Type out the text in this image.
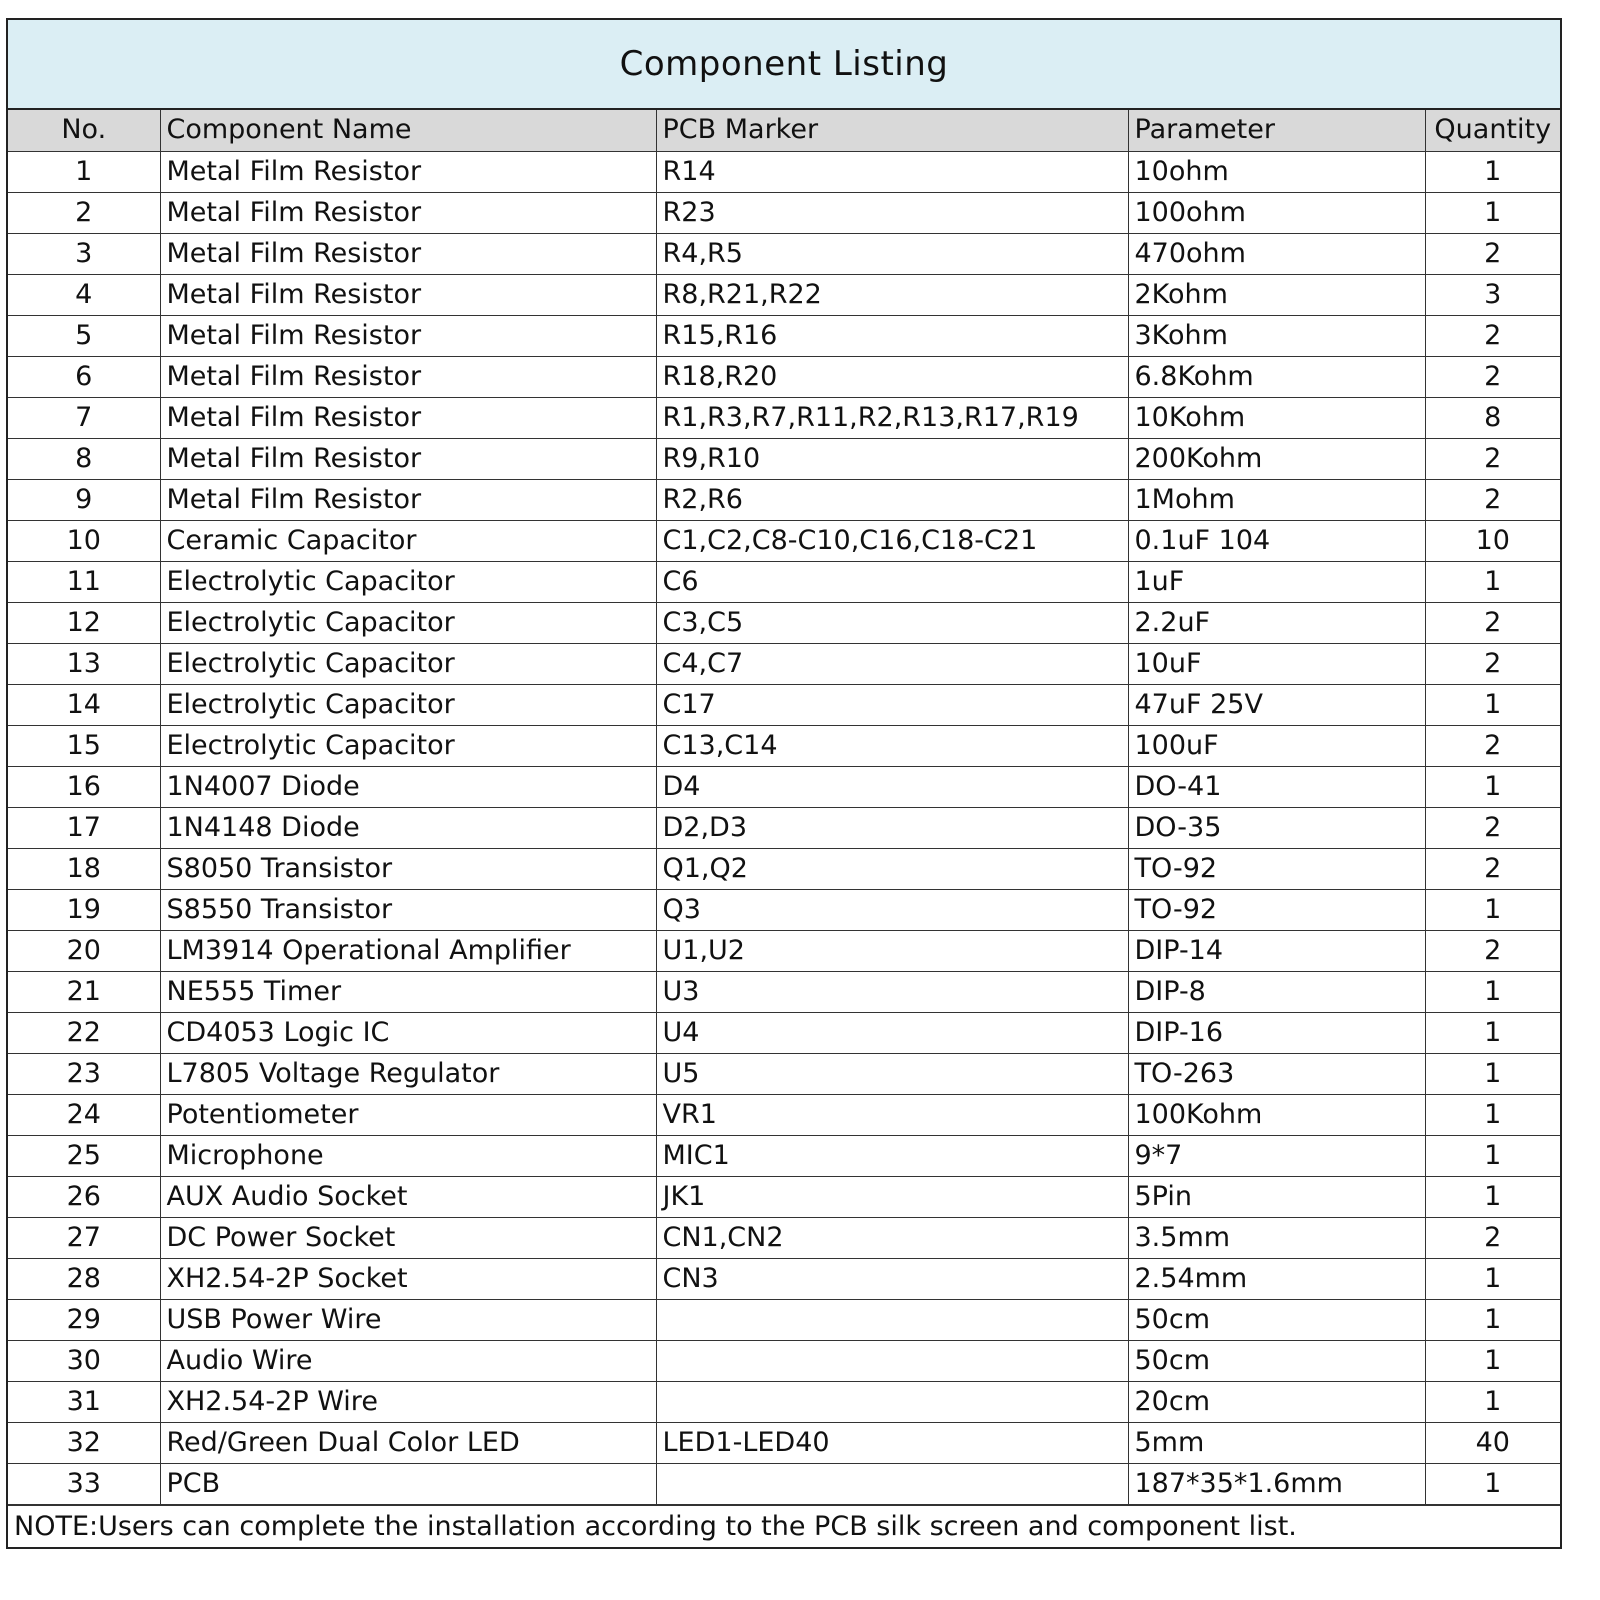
Component Listing
No.	Component Name	PCB Marker	Parameter	Quantity
1	Metal Film Resistor	R14	10ohm	1
2	Metal Film Resistor	R23	100ohm	1
3	Metal Film Resistor	R4,R5	470ohm	2
4	Metal Film Resistor	R8,R21,R22	2Kohm	3
5	Metal Film Resistor	R15,R16	3Kohm	2
6	Metal Film Resistor	R18,R20	6.8Kohm	2
7	Metal Film Resistor	R1,R3,R7,R11,R2,R13,R17,R19	10Kohm	8
8	Metal Film Resistor	R9,R10	200Kohm	2
9	Metal Film Resistor	R2,R6	1Mohm	2
10	Ceramic Capacitor	C1,C2,C8-C10,C16,C18-C21	0.1uF 104	10
11	Electrolytic Capacitor	C6	1uF	1
12	Electrolytic Capacitor	C3,C5	2.2uF	2
13	Electrolytic Capacitor	C4,C7	10uF	2
14	Electrolytic Capacitor	C17	47uF 25V	1
15	Electrolytic Capacitor	C13,C14	100uF	2
16	1N4007 Diode	D4	DO-41	1
17	1N4148 Diode	D2,D3	DO-35	2
18	S8050 Transistor	Q1,Q2	TO-92	2
19	S8550 Transistor	Q3	TO-92	1
20	LM3914 Operational Amplifier	U1,U2	DIP-14	2
21	NE555 Timer	U3	DIP-8	1
22	CD4053 Logic IC	U4	DIP-16	1
23	L7805 Voltage Regulator	U5	TO-263	1
24	Potentiometer	VR1	100Kohm	1
25	Microphone	MIC1	9*7	1
26	AUX Audio Socket	JK1	5Pin	1
27	DC Power Socket	CN1,CN2	3.5mm	2
28	XH2.54-2P Socket	CN3	2.54mm	1
29	USB Power Wire		50cm	1
30	Audio Wire		50cm	1
31	XH2.54-2P Wire		20cm	1
32	Red/Green Dual Color LED	LED1-LED40	5mm	40
33	PCB		187*35*1.6mm	1
NOTE:Users can complete the installation according to the PCB silk screen and component list.
